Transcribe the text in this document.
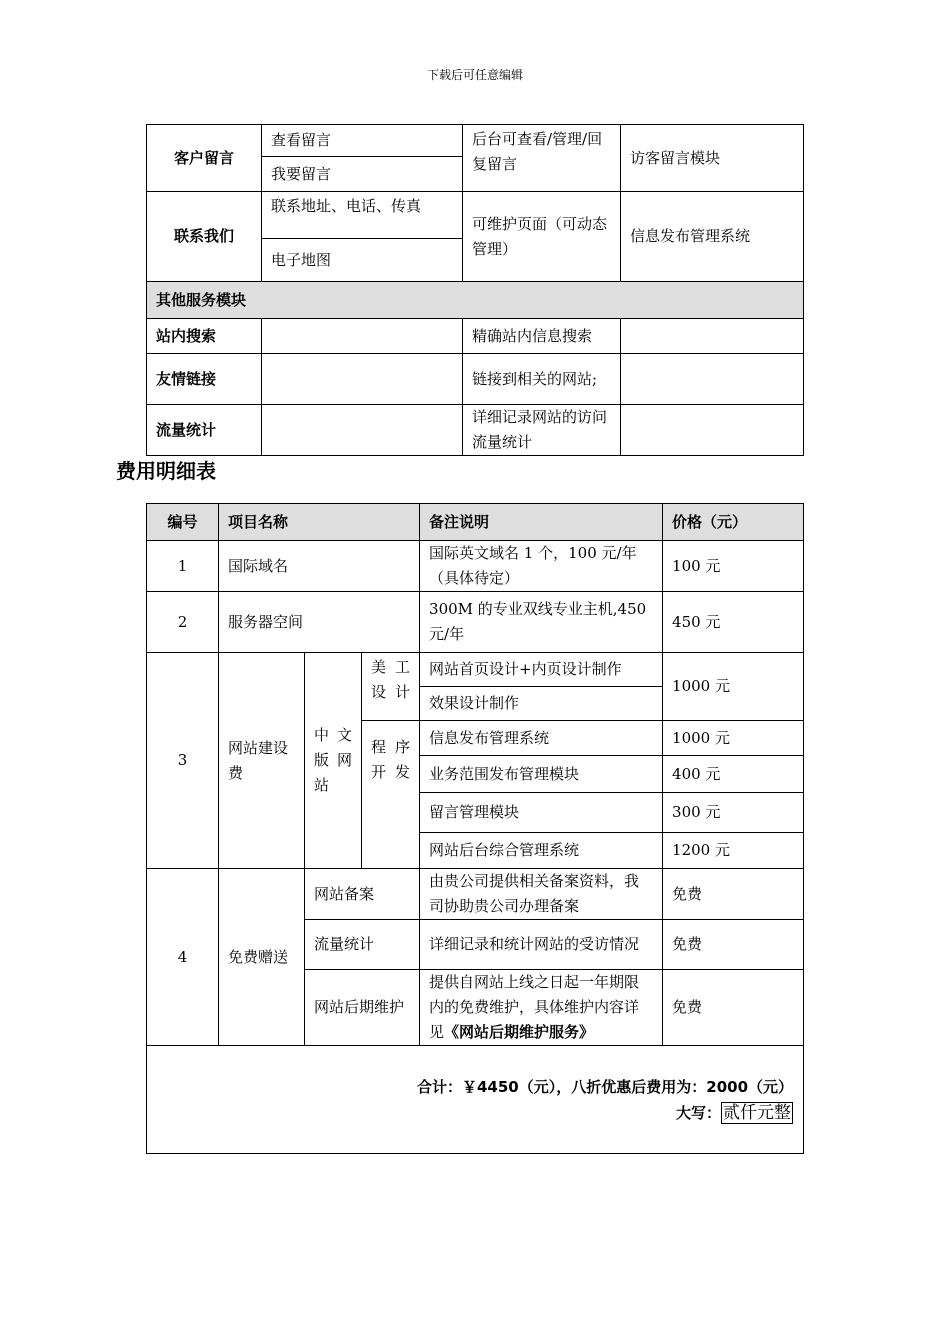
下载后可任意编辑
客户留言	查看留言	后台可查看/管理/回复留言	访客留言模块
	我要留言		
联系我们	联系地址、电话、传真	可维护页面（可动态管理）	信息发布管理系统
	电子地图		
其他服务模块			
站内搜索		精确站内信息搜索	
友情链接		链接到相关的网站;	
流量统计		详细记录网站的访问流量统计	
费用明细表
编号	项目名称			备注说明	价格（元）
1	国际域名			国际英文域名 1 个，100 元/年（具体待定）	100 元
2	服务器空间			300M 的专业双线专业主机,450 元/年	450 元
3	网站建设费	中文版网站	美工设计	网站首页设计+内页设计制作	1000 元
				效果设计制作	
			程序开发	信息发布管理系统	1000 元
				业务范围发布管理模块	400 元
				留言管理模块	300 元
				网站后台综合管理系统	1200 元
4	免费赠送	网站备案		由贵公司提供相关备案资料，我司协助贵公司办理备案	免费
		流量统计		详细记录和统计网站的受访情况	免费
		网站后期维护		提供自网站上线之日起一年期限内的免费维护，具体维护内容详见《网站后期维护服务》	免费

合计：￥4450（元），八折优惠后费用为：2000（元）
大写： 贰仟元整					
